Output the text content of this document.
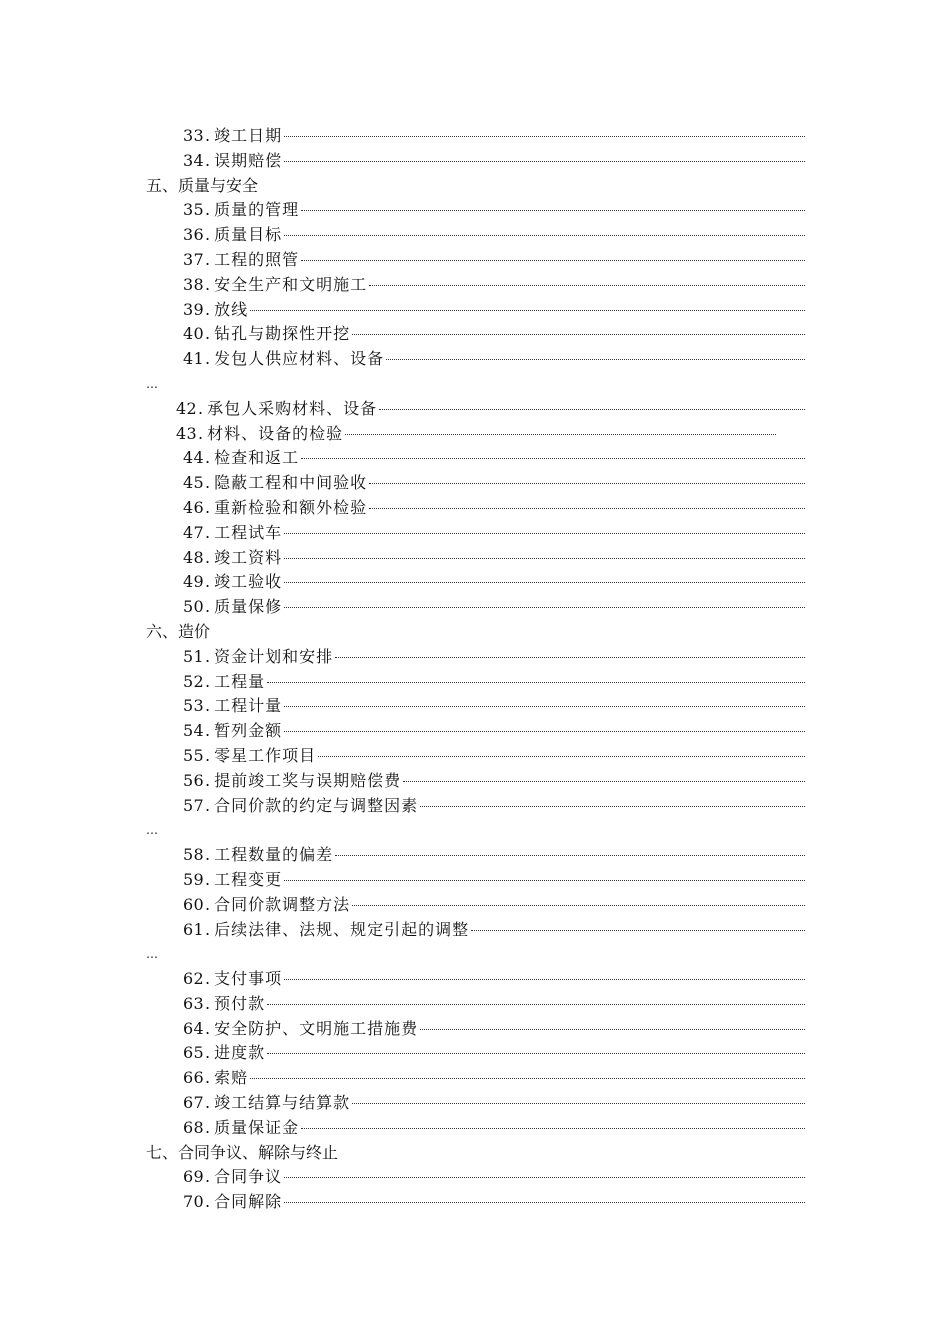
33 . 竣工日期
34 . 误期赔偿
五、质量与安全
35 . 质量的管理
36 . 质量目标
37 . 工程的照管
38 . 安全生产和文明施工
39 . 放线
40 . 钻孔与勘探性开挖
41 . 发包人供应材料、设备
…
42 . 承包人采购材料、设备
43 . 材料、设备的检验
44 . 检查和返工
45 . 隐蔽工程和中间验收
46 . 重新检验和额外检验
47 . 工程试车
48 . 竣工资料
49 . 竣工验收
50 . 质量保修
六、造价
51 . 资金计划和安排
52 . 工程量
53 . 工程计量
54 . 暂列金额
55 . 零星工作项目
56 . 提前竣工奖与误期赔偿费
57 . 合同价款的约定与调整因素
…
58 . 工程数量的偏差
59 . 工程变更
60 . 合同价款调整方法
61 . 后续法律、法规、规定引起的调整
…
62 . 支付事项
63 . 预付款
64 . 安全防护、文明施工措施费
65 . 进度款
66 . 索赔
67 . 竣工结算与结算款
68 . 质量保证金
七、合同争议、解除与终止
69 . 合同争议
70 . 合同解除
